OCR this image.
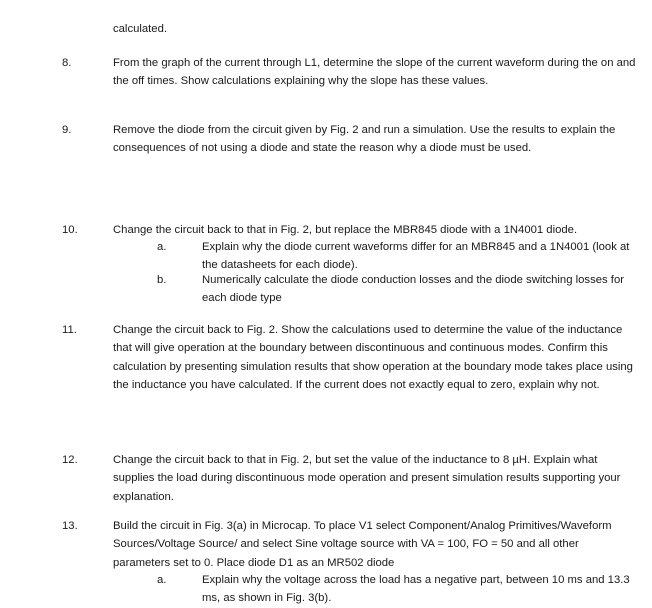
calculated.
8.	From the graph of the current through L1, determine the slope of the current waveform during the on and the off times. Show calculations explaining why the slope has these values.
9.	Remove the diode from the circuit given by Fig. 2 and run a simulation. Use the results to explain the consequences of not using a diode and state the reason why a diode must be used.
10.	Change the circuit back to that in Fig. 2, but replace the MBR845 diode with a 1N4001 diode.
a.	Explain why the diode current waveforms differ for an MBR845 and a 1N4001 (look at the datasheets for each diode).
b.	Numerically calculate the diode conduction losses and the diode switching losses for each diode type
11.	Change the circuit back to Fig. 2. Show the calculations used to determine the value of the inductance that will give operation at the boundary between discontinuous and continuous modes. Confirm this calculation by presenting simulation results that show operation at the boundary mode takes place using the inductance you have calculated. If the current does not exactly equal to zero, explain why not.
12.	Change the circuit back to that in Fig. 2, but set the value of the inductance to 8 µH. Explain what supplies the load during discontinuous mode operation and present simulation results supporting your explanation.
13.	Build the circuit in Fig. 3(a) in Microcap. To place V1 select Component/Analog Primitives/Waveform Sources/Voltage Source/ and select Sine voltage source with VA = 100, FO = 50 and all other parameters set to 0. Place diode D1 as an MR502 diode
a.	Explain why the voltage across the load has a negative part, between 10 ms and 13.3 ms, as shown in Fig. 3(b).
